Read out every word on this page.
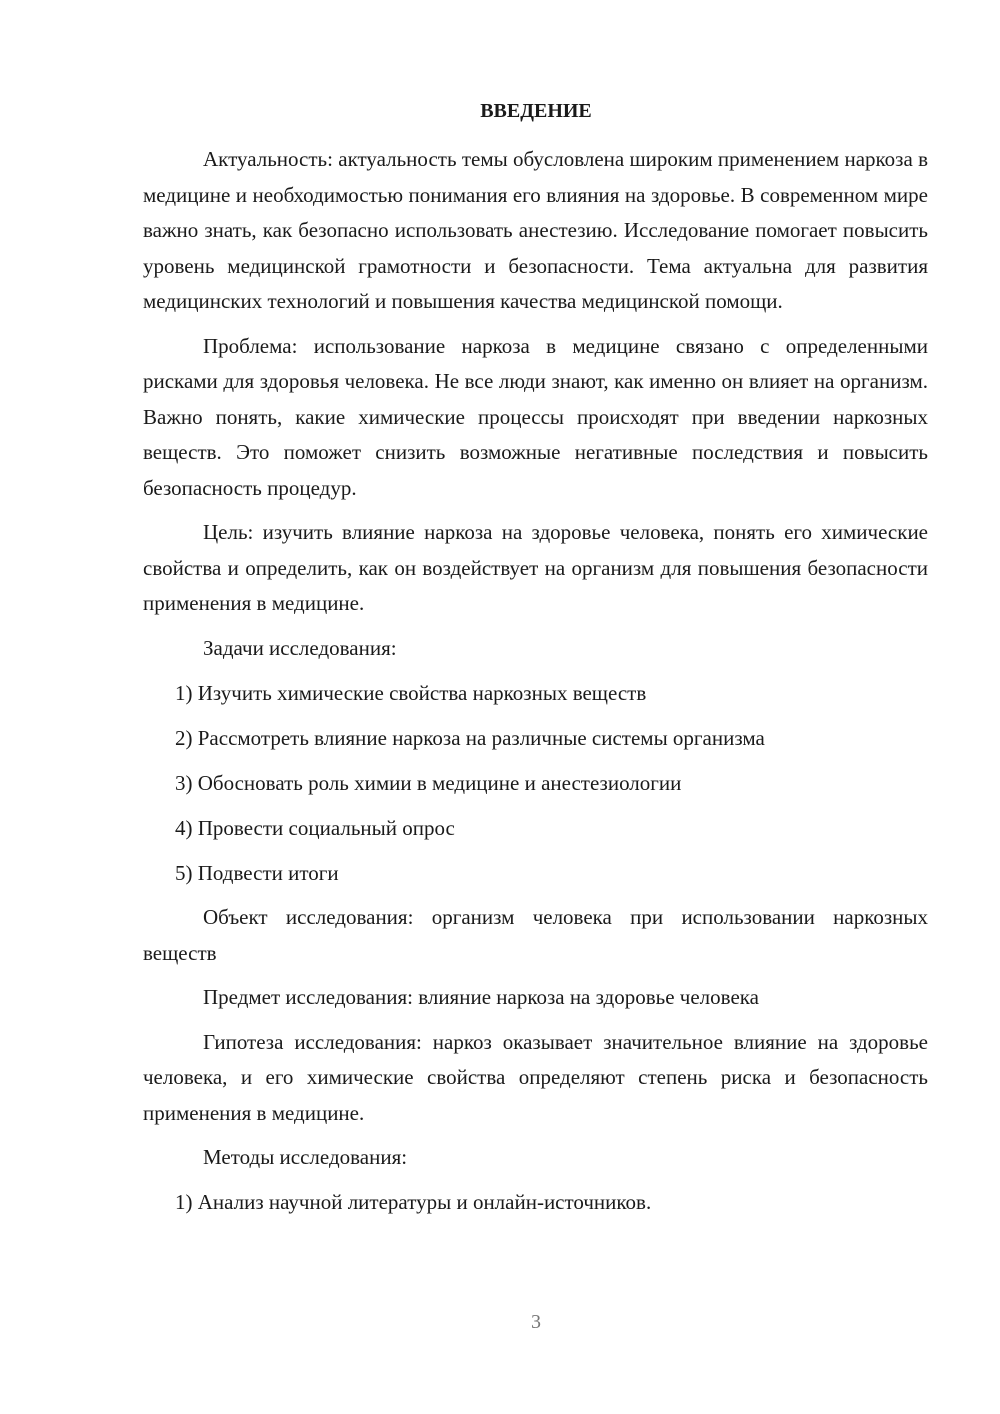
ВВЕДЕНИЕ

Актуальность: актуальность темы обусловлена широким применением наркоза в медицине и необходимостью понимания его влияния на здоровье. В современном мире важно знать, как безопасно использовать анестезию. Исследование помогает повысить уровень медицинской грамотности и безопасности. Тема актуальна для развития медицинских технологий и повышения качества медицинской помощи.

Проблема: использование наркоза в медицине связано с определенными рисками для здоровья человека. Не все люди знают, как именно он влияет на организм. Важно понять, какие химические процессы происходят при введении наркозных веществ. Это поможет снизить возможные негативные последствия и повысить безопасность процедур.

Цель: изучить влияние наркоза на здоровье человека, понять его химические свойства и определить, как он воздействует на организм для повышения безопасности применения в медицине.

Задачи исследования:

1) Изучить химические свойства наркозных веществ

2) Рассмотреть влияние наркоза на различные системы организма

3) Обосновать роль химии в медицине и анестезиологии

4) Провести социальный опрос

5) Подвести итоги

Объект исследования: организм человека при использовании наркозных веществ

Предмет исследования: влияние наркоза на здоровье человека

Гипотеза исследования: наркоз оказывает значительное влияние на здоровье человека, и его химические свойства определяют степень риска и безопасность применения в медицине.

Методы исследования:

1) Анализ научной литературы и онлайн-источников.

3
